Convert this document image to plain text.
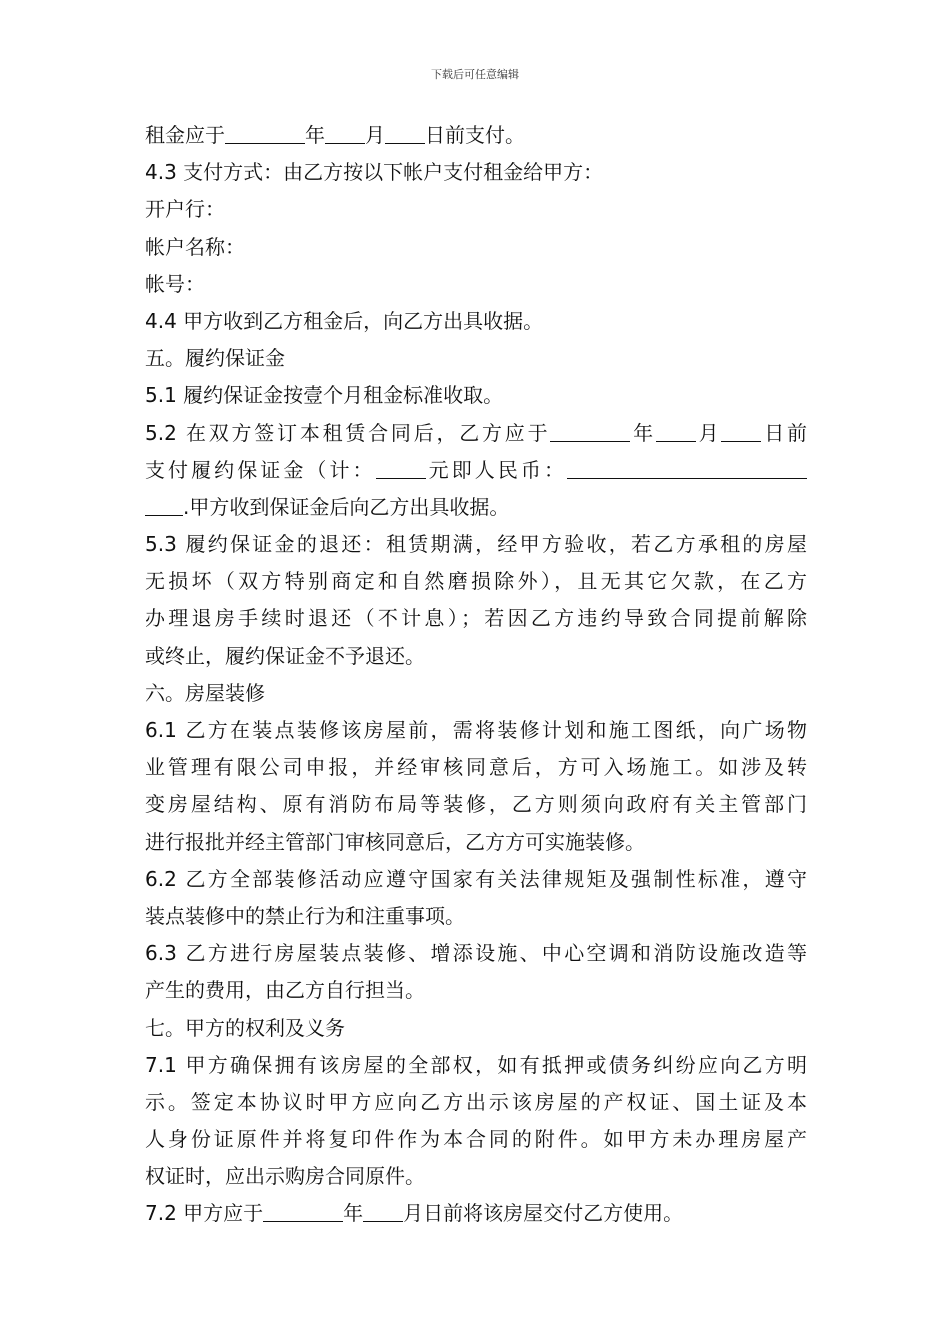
下载后可任意编辑
租金应于	年 月 日前支付。
4.3 支付方式：由乙方按以下帐户支付租金给甲方：
开户行：
帐户名称：
帐号：
4.4 甲方收到乙方租金后，向乙方出具收据。
五。履约保证金
5.1 履约保证金按壹个月租金标准收取。
5.2 在双方签订本租赁合同后，乙方应于	年 月 日前
支付履约保证金（计：	元即人民币：
.甲方收到保证金后向乙方出具收据。
5.3 履约保证金的退还：租赁期满，经甲方验收，若乙方承租的房屋
无损坏（双方特别商定和自然磨损除外），且无其它欠款，在乙方
办理退房手续时退还（不计息）；若因乙方违约导致合同提前解除
或终止，履约保证金不予退还。
六。房屋装修
6.1 乙方在装点装修该房屋前，需将装修计划和施工图纸，向广场物
业管理有限公司申报，并经审核同意后，方可入场施工。如涉及转
变房屋结构、原有消防布局等装修，乙方则须向政府有关主管部门
进行报批并经主管部门审核同意后，乙方方可实施装修。
6.2 乙方全部装修活动应遵守国家有关法律规矩及强制性标准，遵守
装点装修中的禁止行为和注重事项。
6.3 乙方进行房屋装点装修、增添设施、中心空调和消防设施改造等
产生的费用，由乙方自行担当。
七。甲方的权利及义务
7.1 甲方确保拥有该房屋的全部权，如有抵押或债务纠纷应向乙方明
示。签定本协议时甲方应向乙方出示该房屋的产权证、国土证及本
人身份证原件并将复印件作为本合同的附件。如甲方未办理房屋产
权证时，应出示购房合同原件。
7.2 甲方应于	年 月日前将该房屋交付乙方使用。
